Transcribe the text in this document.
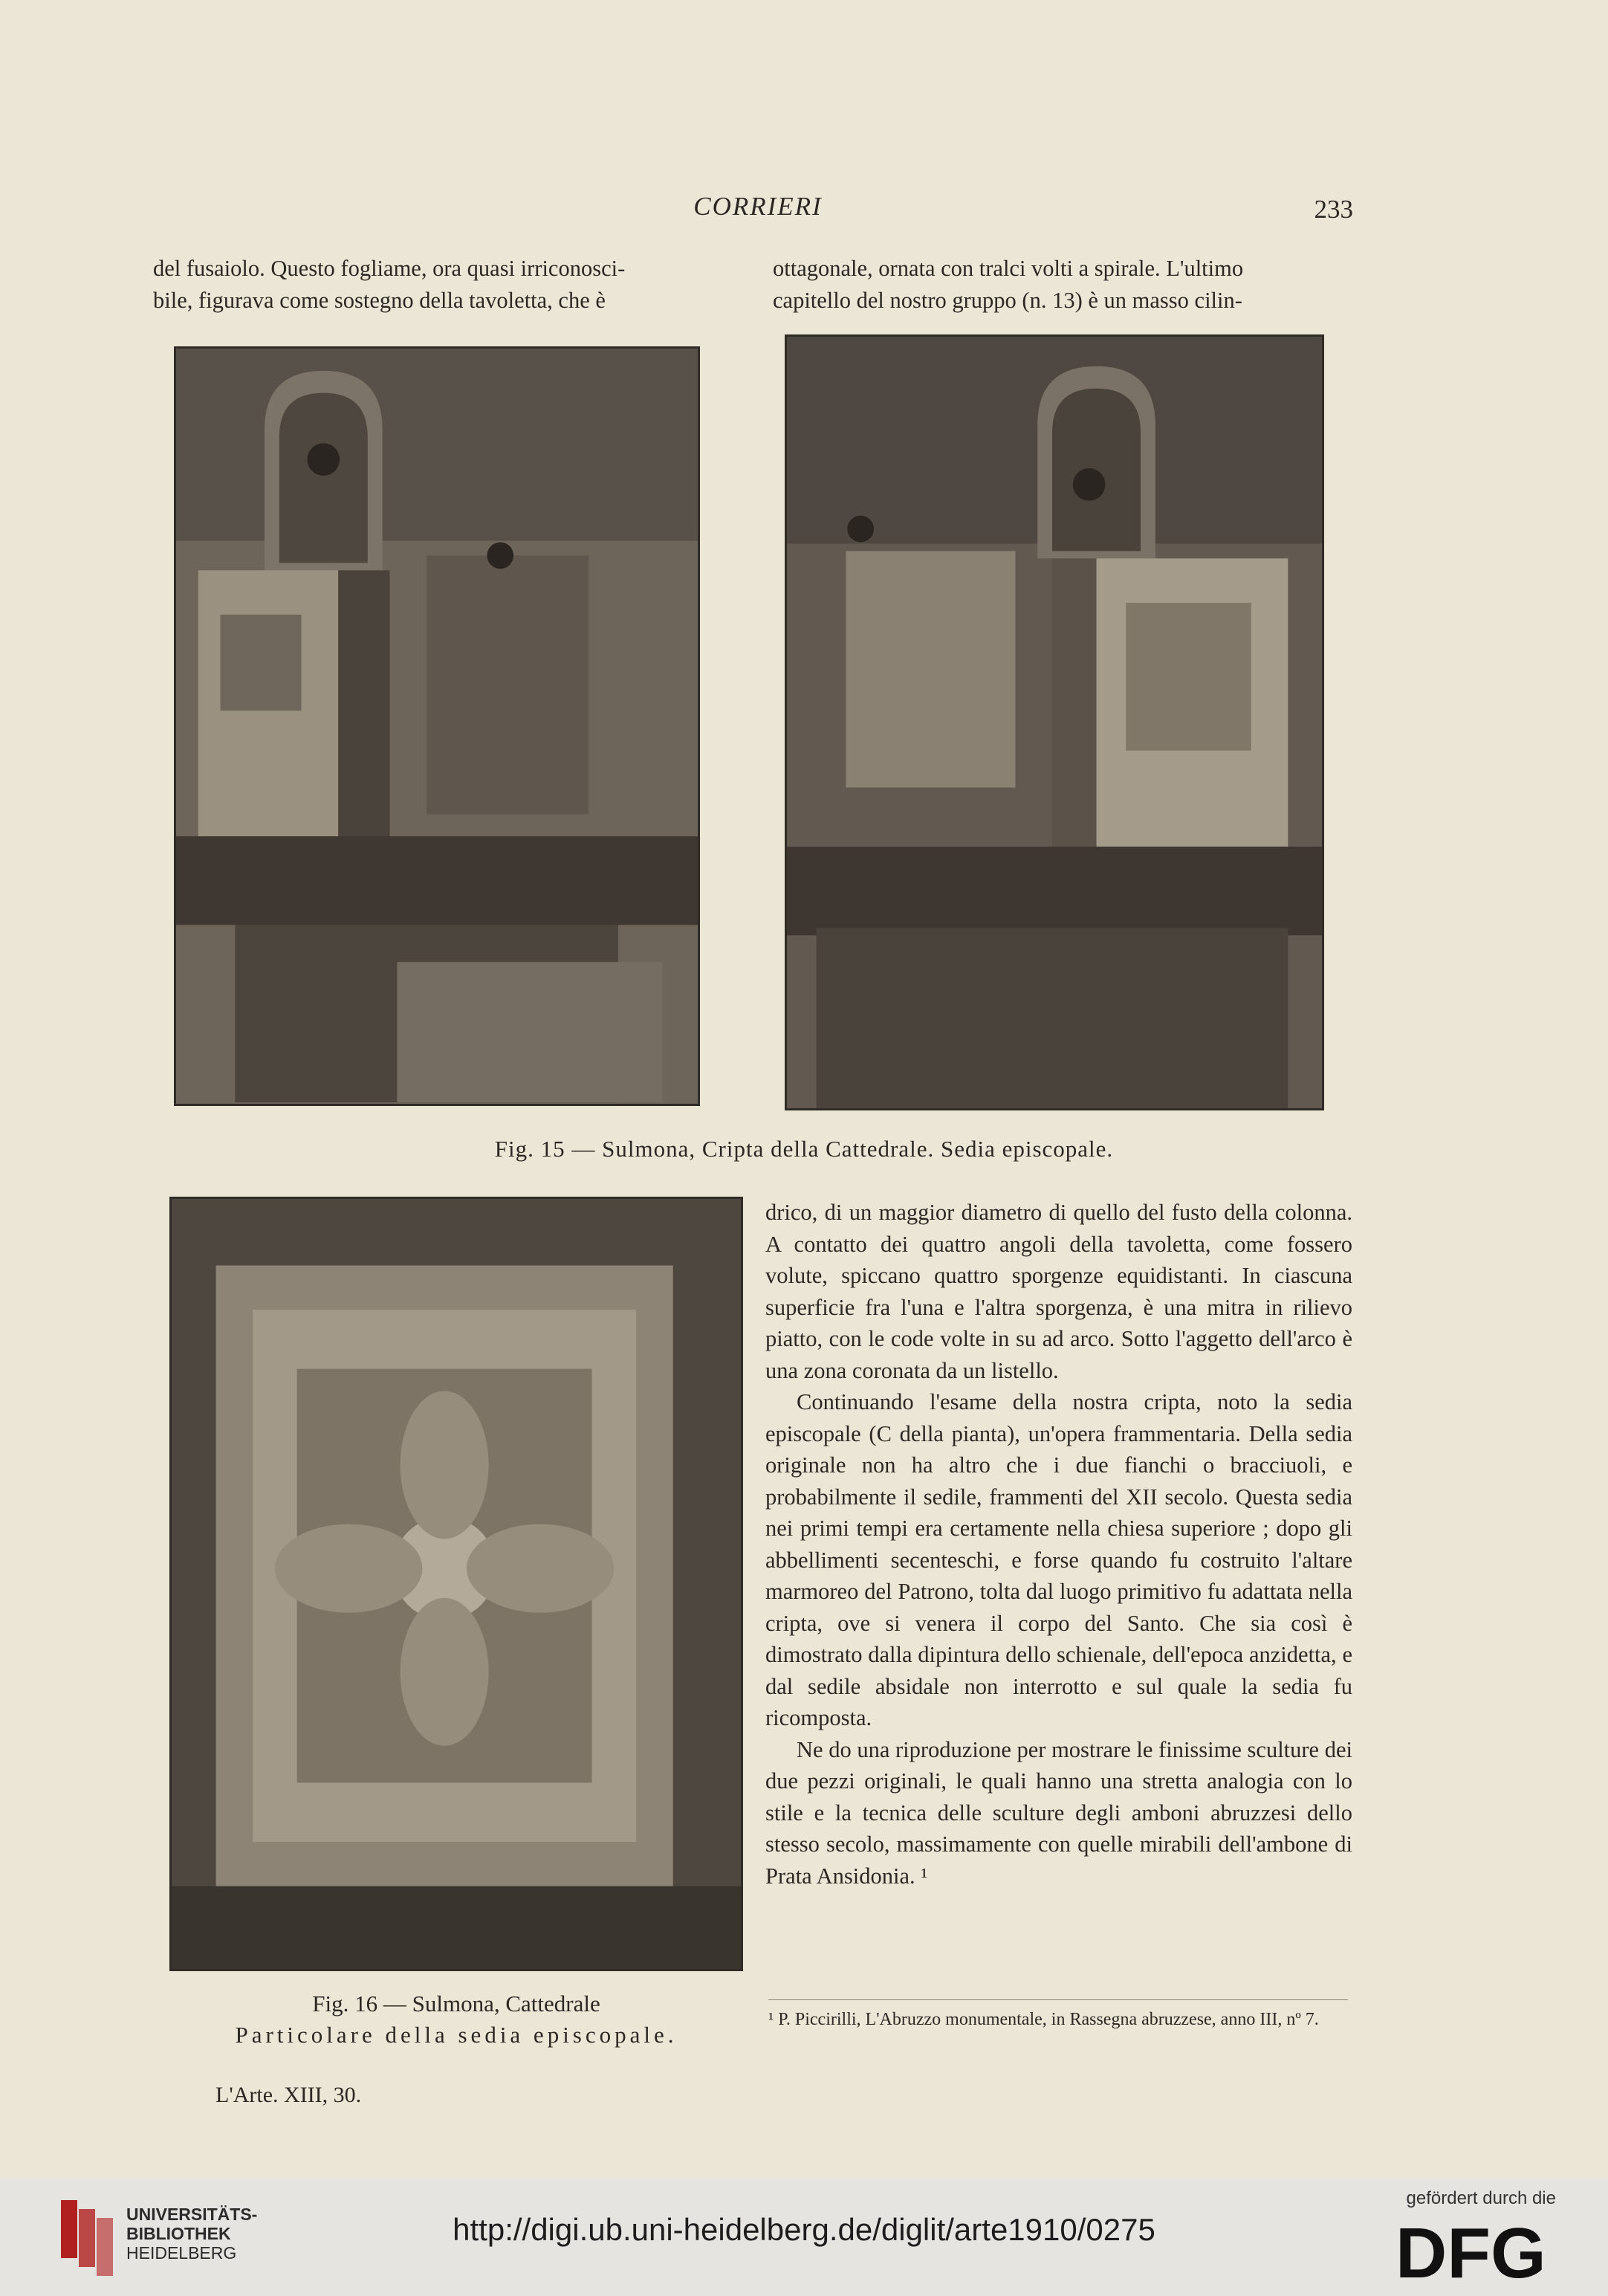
CORRIERI	233
del fusaiolo. Questo fogliame, ora quasi irriconosci-
bile, figurava come sostegno della tavoletta, che è
ottagonale, ornata con tralci volti a spirale. L'ultimo
capitello del nostro gruppo (n. 13) è un masso cilin-
Fig. 15 — Sulmona, Cripta della Cattedrale. Sedia episcopale.
Fig. 16 — Sulmona, Cattedrale
Particolare della sedia episcopale.

drico, di un maggior diametro di quello del fusto della colonna. A contatto dei quattro angoli della tavoletta, come fossero volute, spiccano quattro sporgenze equidistanti. In ciascuna superficie fra l'una e l'altra sporgenza, è una mitra in rilievo piatto, con le code volte in su ad arco. Sotto l'aggetto dell'arco è una zona coronata da un listello.

Continuando l'esame della nostra cripta, noto la sedia episcopale (C della pianta), un'opera frammentaria. Della sedia originale non ha altro che i due fianchi o bracciuoli, e probabilmente il sedile, frammenti del XII secolo. Questa sedia nei primi tempi era certamente nella chiesa superiore ; dopo gli abbellimenti secenteschi, e forse quando fu costruito l'altare marmoreo del Patrono, tolta dal luogo primitivo fu adattata nella cripta, ove si venera il corpo del Santo. Che sia così è dimostrato dalla dipintura dello schienale, dell'epoca anzidetta, e dal sedile absidale non interrotto e sul quale la sedia fu ricomposta.

Ne do una riproduzione per mostrare le finissime sculture dei due pezzi originali, le quali hanno una stretta analogia con lo stile e la tecnica delle sculture degli amboni abruzzesi dello stesso secolo, massimamente con quelle mirabili dell'ambone di Prata Ansidonia. ¹

¹ P. Piccirilli, L'Abruzzo monumentale, in Rassegna abruzzese, anno III, nº 7.
L'Arte. XIII, 30.
UNIVERSITÄTS-
BIBLIOTHEK
HEIDELBERG
http://digi.ub.uni-heidelberg.de/diglit/arte1910/0275
gefördert durch die
DFG
